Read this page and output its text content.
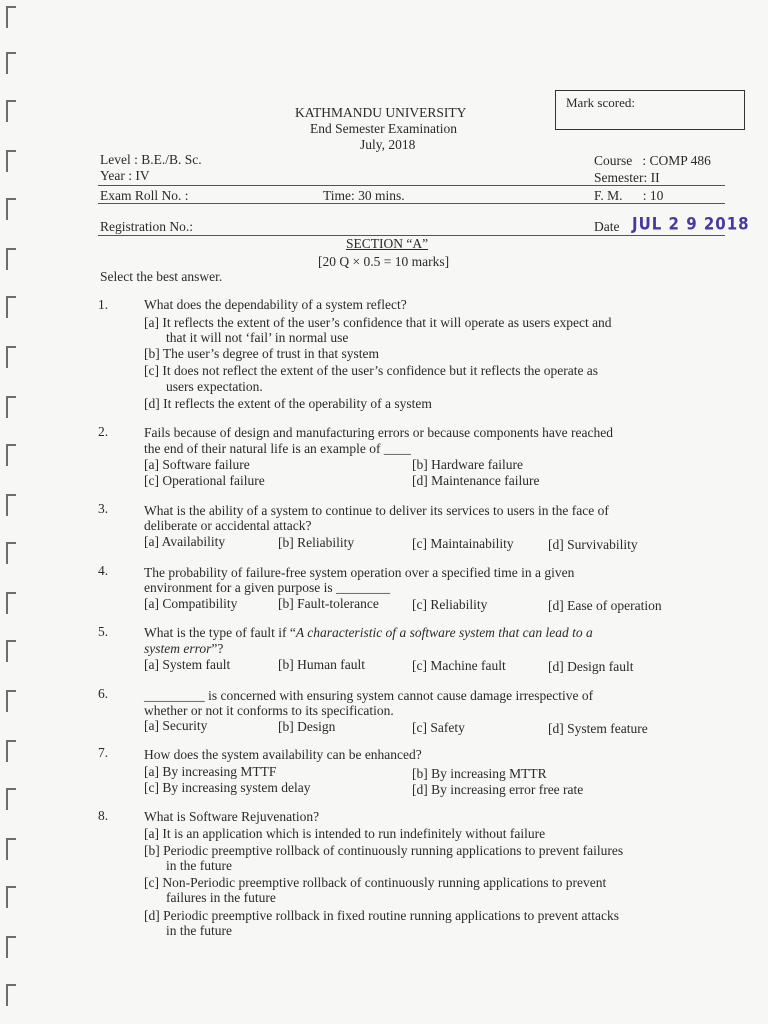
Mark scored:
KATHMANDU UNIVERSITY
End Semester Examination
July, 2018
Level : B.E./B. Sc.
Year : IV
Exam Roll No. :	Time: 30 mins.
Registration No.:
Course   : COMP 486
Semester: II
F. M.      : 10
Date JUL 2 9 2018
SECTION “A”
[20 Q × 0.5 = 10 marks]
Select the best answer.
1.	What does the dependability of a system reflect?
[a] It reflects the extent of the user’s confidence that it will operate as users expect and
that it will not ‘fail’ in normal use
[b] The user’s degree of trust in that system
[c] It does not reflect the extent of the user’s confidence but it reflects the operate as
users expectation.
[d] It reflects the extent of the operability of a system
2.	Fails because of design and manufacturing errors or because components have reached
the end of their natural life is an example of ____
[a] Software failure	[b] Hardware failure
[c] Operational failure	[d] Maintenance failure
3.	What is the ability of a system to continue to deliver its services to users in the face of
deliberate or accidental attack?
[a] Availability	[b] Reliability	[c] Maintainability	[d] Survivability
4.	The probability of failure-free system operation over a specified time in a given
environment for a given purpose is ________
[a] Compatibility	[b] Fault-tolerance [c] Reliability	[d] Ease of operation
5.	What is the type of fault if “A characteristic of a software system that can lead to a
system error”?
[a] System fault	[b] Human fault	[c] Machine fault	[d] Design fault
6.	_________ is concerned with ensuring system cannot cause damage irrespective of
whether or not it conforms to its specification.
[a] Security	[b] Design	[c] Safety	[d] System feature
7.	How does the system availability can be enhanced?
[a] By increasing MTTF	[b] By increasing MTTR
[c] By increasing system delay	[d] By increasing error free rate
8.	What is Software Rejuvenation?
[a] It is an application which is intended to run indefinitely without failure
[b] Periodic preemptive rollback of continuously running applications to prevent failures
in the future
[c] Non-Periodic preemptive rollback of continuously running applications to prevent
failures in the future
[d] Periodic preemptive rollback in fixed routine running applications to prevent attacks
in the future
